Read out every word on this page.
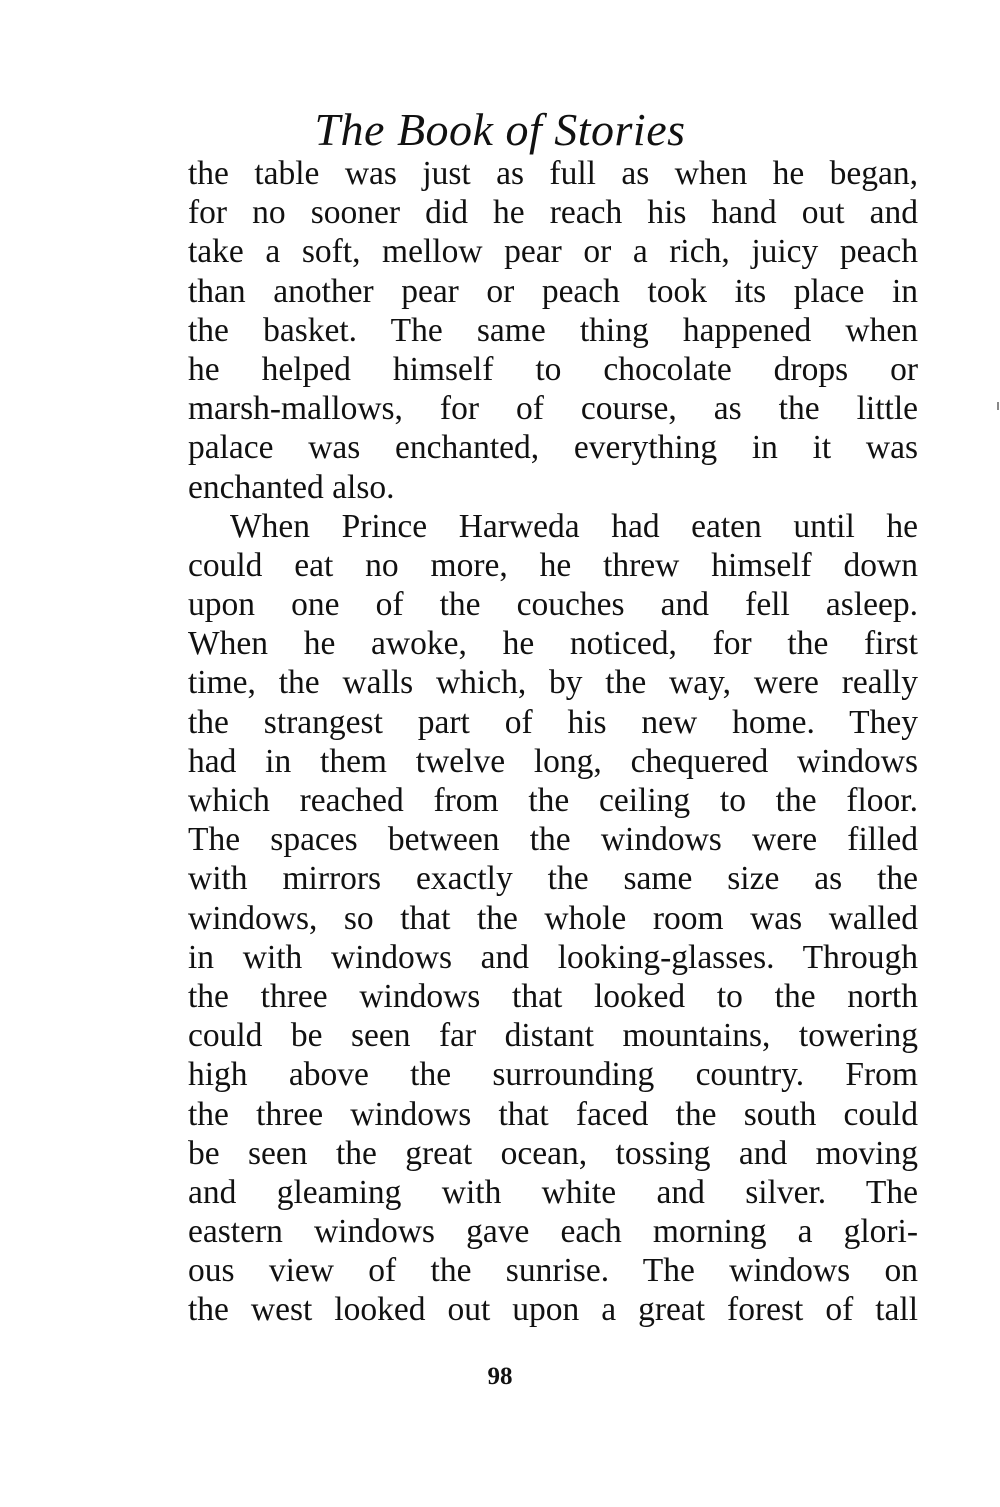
The Book of Stories
the table was just as full as when he began,
for no sooner did he reach his hand out and
take a soft, mellow pear or a rich, juicy peach
than another pear or peach took its place in
the basket. The same thing happened when
he helped himself to chocolate drops or
marsh-mallows, for of course, as the little
palace was enchanted, everything in it was
enchanted also.
When Prince Harweda had eaten until he
could eat no more, he threw himself down
upon one of the couches and fell asleep.
When he awoke, he noticed, for the first
time, the walls which, by the way, were really
the strangest part of his new home. They
had in them twelve long, chequered windows
which reached from the ceiling to the floor.
The spaces between the windows were filled
with mirrors exactly the same size as the
windows, so that the whole room was walled
in with windows and looking-glasses. Through
the three windows that looked to the north
could be seen far distant mountains, towering
high above the surrounding country. From
the three windows that faced the south could
be seen the great ocean, tossing and moving
and gleaming with white and silver. The
eastern windows gave each morning a glori-
ous view of the sunrise. The windows on
the west looked out upon a great forest of tall
98
